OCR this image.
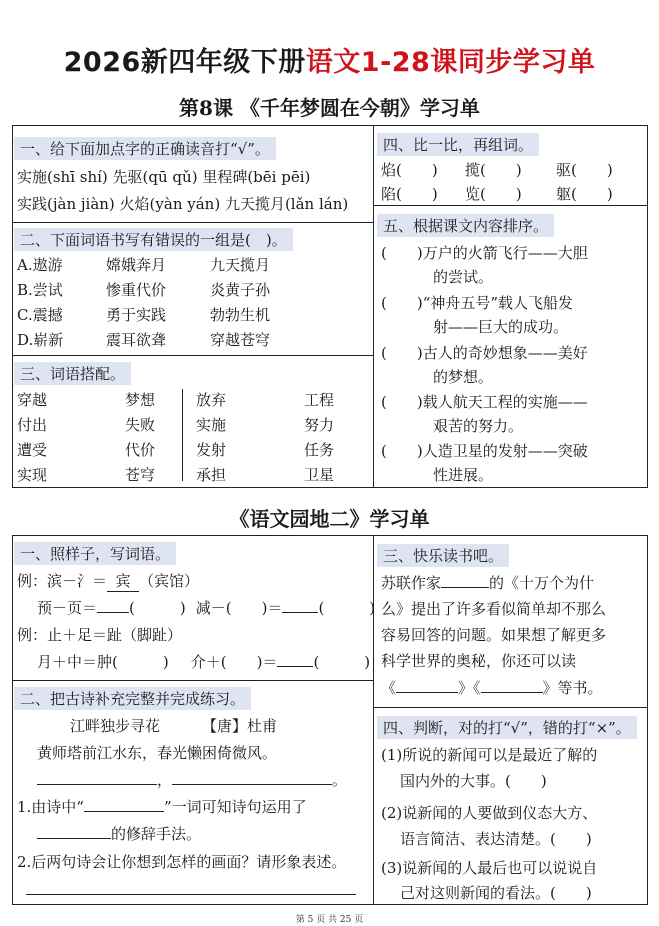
2026新四年级下册语文1-28课同步学习单
第8课 《千年梦圆在今朝》学习单
一、给下面加点字的正确读音打“√”。
实施(shī shí) 先驱(qū qǔ) 里程碑(bēi pēi)
实践(jàn jiàn) 火焰(yàn yán) 九天揽月(lǎn lán)
二、下面词语书写有错误的一组是(　)。
A.遨游	嫦娥奔月	九天揽月
B.尝试	惨重代价	炎黄子孙
C.震撼	勇于实践	勃勃生机
D.崭新	震耳欲聋	穿越苍穹
三、词语搭配。
穿越	梦想	放弃	工程
付出	失败	实施	努力
遭受	代价	发射	任务
实现	苍穹	承担	卫星
四、比一比，再组词。
焰(　　) 揽(　　) 驱(　　)
陷(　　) 览(　　) 躯(　　)
五、根据课文内容排序。
(　　)万户的火箭飞行——大胆
的尝试。
(　　)“神舟五号”载人飞船发
射——巨大的成功。
(　　)古人的奇妙想象——美好
的梦想。
(　　)载人航天工程的实施——
艰苦的努力。
(　　)人造卫星的发射——突破
性进展。
《语文园地二》学习单
一、照样子，写词语。
例：滨－氵＝ 宾 （宾馆）
预－页＝ (　　　) 减－(　　)＝ (　　　)
例：止＋足＝趾（脚趾）
月＋中＝肿(　　　) 介＋(　　)＝ (　　　)
二、把古诗补充完整并完成练习。
江畔独步寻花	【唐】杜甫
黄师塔前江水东，春光懒困倚微风。
，	。
1.由诗中“	”一词可知诗句运用了
的修辞手法。
2.后两句诗会让你想到怎样的画面？请形象表述。
三、快乐读书吧。
苏联作家	的《十万个为什
么》提出了许多看似简单却不那么
容易回答的问题。如果想了解更多
科学世界的奥秘，你还可以读
《	》《	》等书。
四、判断，对的打“√”，错的打“×”。
(1)所说的新闻可以是最近了解的
国内外的大事。(　　)
(2)说新闻的人要做到仪态大方、
语言简洁、表达清楚。(　　)
(3)说新闻的人最后也可以说说自
己对这则新闻的看法。(　　)
第 5 页 共 25 页
